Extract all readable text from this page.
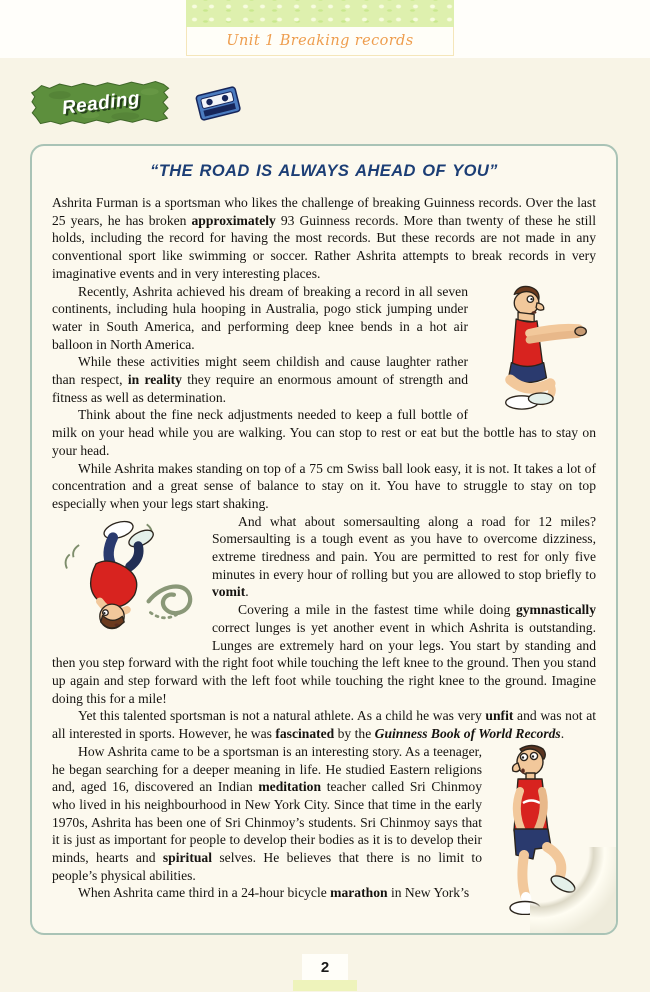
Unit 1 Breaking records
Reading
“THE ROAD IS ALWAYS AHEAD OF YOU”

Ashrita Furman is a sportsman who likes the challenge of breaking Guinness records. Over the last 25 years, he has broken approximately 93 Guinness records. More than twenty of these he still holds, including the record for having the most records. But these records are not made in any conventional sport like swimming or soccer. Rather Ashrita attempts to break records in very imaginative events and in very interesting places.

Recently, Ashrita achieved his dream of breaking a record in all seven continents, including hula hooping in Australia, pogo stick jumping under water in South America, and performing deep knee bends in a hot air balloon in North America.

While these activities might seem childish and cause laughter rather than respect, in reality they require an enormous amount of strength and fitness as well as determination.

Think about the fine neck adjustments needed to keep a full bottle of milk on your head while you are walking. You can stop to rest or eat but the bottle has to stay on your head.

While Ashrita makes standing on top of a 75 cm Swiss ball look easy, it is not. It takes a lot of concentration and a great sense of balance to stay on it. You have to struggle to stay on top especially when your legs start shaking.

And what about somersaulting along a road for 12 miles? Somersaulting is a tough event as you have to overcome dizziness, extreme tiredness and pain. You are permitted to rest for only five minutes in every hour of rolling but you are allowed to stop briefly to vomit.

Covering a mile in the fastest time while doing gymnastically correct lunges is yet another event in which Ashrita is outstanding. Lunges are extremely hard on your legs. You start by standing and then you step forward with the right foot while touching the left knee to the ground. Then you stand up again and step forward with the left foot while touching the right knee to the ground. Imagine doing this for a mile!

Yet this talented sportsman is not a natural athlete. As a child he was very unfit and was not at all interested in sports. However, he was fascinated by the Guinness Book of World Records.

How Ashrita came to be a sportsman is an interesting story. As a teenager, he began searching for a deeper meaning in life. He studied Eastern religions and, aged 16, discovered an Indian meditation teacher called Sri Chinmoy who lived in his neighbourhood in New York City. Since that time in the early 1970s, Ashrita has been one of Sri Chinmoy’s students. Sri Chinmoy says that it is just as important for people to develop their bodies as it is to develop their minds, hearts and spiritual selves. He believes that there is no limit to people’s physical abilities.

When Ashrita came third in a 24-hour bicycle marathon in New York’s

2
